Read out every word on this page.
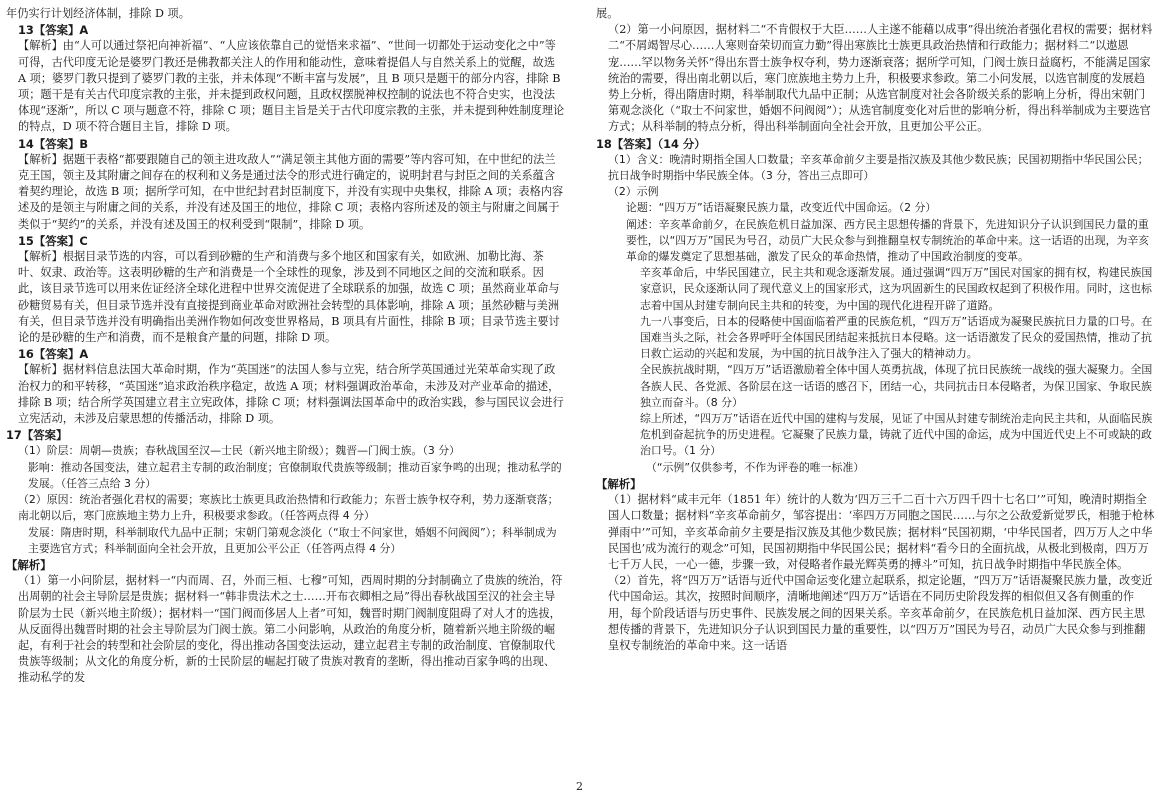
年仍实行计划经济体制，排除 D 项。

13【答案】A

【解析】由“人可以通过祭祀向神祈福”、“人应该依靠自己的觉悟来求福”、“世间一切都处于运动变化之中”等可得，古代印度无论是婆罗门教还是佛教都关注人的作用和能动性，意味着提倡人与自然关系上的觉醒，故选 A 项；婆罗门教只提到了婆罗门教的主张，并未体现“不断丰富与发展”，且 B 项只是题干的部分内容，排除 B 项；题干是有关古代印度宗教的主张，并未提到政权问题，且政权摆脱神权控制的说法也不符合史实，也没法体现“逐渐”，所以 C 项与题意不符，排除 C 项；题目主旨是关于古代印度宗教的主张，并未提到种姓制度理论的特点，D 项不符合题目主旨，排除 D 项。

14【答案】B

【解析】据题干表格“都要跟随自己的领主进攻敌人”“满足领主其他方面的需要”等内容可知，在中世纪的法兰克王国，领主及其附庸之间存在的权利和义务是通过法令的形式进行确定的，说明封君与封臣之间的关系蕴含着契约理论，故选 B 项；据所学可知，在中世纪封君封臣制度下，并没有实现中央集权，排除 A 项；表格内容述及的是领主与附庸之间的关系，并没有述及国王的地位，排除 C 项；表格内容所述及的领主与附庸之间属于类似于“契约”的关系，并没有述及国王的权利受到“限制”，排除 D 项。

15【答案】C

【解析】根据目录节选的内容，可以看到砂糖的生产和消费与多个地区和国家有关，如欧洲、加勒比海、茶叶、奴隶、政治等。这表明砂糖的生产和消费是一个全球性的现象，涉及到不同地区之间的交流和联系。因此，该目录节选可以用来佐证经济全球化进程中世界交流促进了全球联系的加强，故选 C 项；虽然商业革命与砂糖贸易有关，但目录节选并没有直接提到商业革命对欧洲社会转型的具体影响，排除 A 项；虽然砂糖与美洲有关，但目录节选并没有明确指出美洲作物如何改变世界格局，B 项具有片面性，排除 B 项；目录节选主要讨论的是砂糖的生产和消费，而不是粮食产量的问题，排除 D 项。

16【答案】A

【解析】据材料信息法国大革命时期，作为“英国迷”的法国人参与立宪，结合所学英国通过光荣革命实现了政治权力的和平转移，“英国迷”追求政治秩序稳定，故选 A 项；材料强调政治革命，未涉及对产业革命的描述，排除 B 项；结合所学英国建立君主立宪政体，排除 C 项；材料强调法国革命中的政治实践，参与国民议会进行立宪活动，未涉及启蒙思想的传播活动，排除 D 项。

17【答案】

（1）阶层：周朝—贵族；春秋战国至汉—士民（新兴地主阶级）；魏晋—门阀士族。（3 分）

影响：推动各国变法，建立起君主专制的政治制度；官僚制取代贵族等级制；推动百家争鸣的出现；推动私学的发展。（任答三点给 3 分）

（2）原因：统治者强化君权的需要；寒族比士族更具政治热情和行政能力；东晋士族争权夺利，势力逐渐衰落；南北朝以后，寒门庶族地主势力上升，积极要求参政。（任答两点得 4 分）

发展：隋唐时期，科举制取代九品中正制；宋朝门第观念淡化（“取士不问家世，婚姻不问阀阅”）；科举制成为主要选官方式；科举制面向全社会开放，且更加公平公正（任答两点得 4 分）

【解析】

（1）第一小问阶层，据材料一“内而周、召，外而三桓、七穆”可知，西周时期的分封制确立了贵族的统治，符出周朝的社会主导阶层是贵族；据材料一“韩非贵法术之士……开布衣卿相之局”得出春秋战国至汉的社会主导阶层为士民（新兴地主阶级）；据材料一“国门阀而侈居人上者”可知，魏晋时期门阀制度阻碍了对人才的选拔，从反面得出魏晋时期的社会主导阶层为门阀士族。第二小问影响，从政治的角度分析，随着新兴地主阶级的崛起，有利于社会的转型和社会阶层的变化，得出推动各国变法运动，建立起君主专制的政治制度、官僚制取代贵族等级制；从文化的角度分析，新的士民阶层的崛起打破了贵族对教育的垄断，得出推动百家争鸣的出现、推动私学的发

展。

（2）第一小问原因，据材料二“不肯假权于大臣……人主遂不能藉以成事”得出统治者强化君权的需要；据材料二“不屑竭智尽心……人寒则奋荣切而宣力勤”得出寒族比士族更具政治热情和行政能力；据材料二“以遨恩宠……罕以物务关怀”得出东晋士族争权夺利，势力逐渐衰落；据所学可知，门阀士族日益腐朽，不能满足国家统治的需要，得出南北朝以后，寒门庶族地主势力上升，积极要求参政。第二小问发展，以选官制度的发展趋势上分析，得出隋唐时期，科举制取代九品中正制；从选官制度对社会各阶级关系的影响上分析，得出宋朝门第观念淡化（“取士不问家世，婚姻不问阀阅”）；从选官制度变化对后世的影响分析，得出科举制成为主要选官方式；从科举制的特点分析，得出科举制面向全社会开放，且更加公平公正。

18【答案】（14 分）

（1）含义：晚清时期指全国人口数量；辛亥革命前夕主要是指汉族及其他少数民族；民国初期指中华民国公民；抗日战争时期指中华民族全体。（3 分，答出三点即可）

（2）示例

论题：“四万万”话语凝聚民族力量，改变近代中国命运。（2 分）

阐述：辛亥革命前夕，在民族危机日益加深、西方民主思想传播的背景下，先进知识分子认识到国民力量的重要性，以“四万万”国民为号召，动员广大民众参与到推翻皇权专制统治的革命中来。这一话语的出现，为辛亥革命的爆发奠定了思想基础，激发了民众的革命热情，推动了中国政治制度的变革。

辛亥革命后，中华民国建立，民主共和观念逐渐发展。通过强调“四万万”国民对国家的拥有权，构建民族国家意识，民众逐渐认同了现代意义上的国家形式，这为巩固新生的民国政权起到了积极作用。同时，这也标志着中国从封建专制向民主共和的转变，为中国的现代化进程开辟了道路。

九一八事变后，日本的侵略使中国面临着严重的民族危机，“四万万”话语成为凝聚民族抗日力量的口号。在国难当头之际，社会各界呼吁全体国民团结起来抵抗日本侵略。这一话语激发了民众的爱国热情，推动了抗日救亡运动的兴起和发展，为中国的抗日战争注入了强大的精神动力。

全民族抗战时期，“四万万”话语激励着全体中国人英勇抗战，体现了抗日民族统一战线的强大凝聚力。全国各族人民、各党派、各阶层在这一话语的感召下，团结一心，共同抗击日本侵略者，为保卫国家、争取民族独立而奋斗。（8 分）

综上所述，“四万万”话语在近代中国的建构与发展，见证了中国从封建专制统治走向民主共和，从面临民族危机到奋起抗争的历史进程。它凝聚了民族力量，铸就了近代中国的命运，成为中国近代史上不可或缺的政治口号。（1 分）

（“示例”仅供参考，不作为评卷的唯一标准）

【解析】

（1）据材料“咸丰元年（1851 年）统计的人数为‘四万三千二百十六万四千四十七名口’”可知，晚清时期指全国人口数量；据材料“辛亥革命前夕，邹容提出：‘率四万万同胞之国民……与尔之公敌爱新觉罗氏，相驰于枪林弹雨中’”可知，辛亥革命前夕主要是指汉族及其他少数民族；据材料“民国初期，‘中华民国者，四万万人之中华民国也’成为流行的观念”可知，民国初期指中华民国公民；据材料“看今日的全面抗战，从极北到极南，四万万七千万人民，一心一德，步骤一致，对侵略者作最光辉英勇的搏斗”可知，抗日战争时期指中华民族全体。

（2）首先，将“四万万”话语与近代中国命运变化建立起联系，拟定论题，“四万万”话语凝聚民族力量，改变近代中国命运。其次，按照时间顺序，清晰地阐述“四万万”话语在不同历史阶段发挥的相似但又各有侧重的作用，每个阶段话语与历史事件、民族发展之间的因果关系。辛亥革命前夕，在民族危机日益加深、西方民主思想传播的背景下，先进知识分子认识到国民力量的重要性，以“四万万”国民为号召，动员广大民众参与到推翻皇权专制统治的革命中来。这一话语

2
